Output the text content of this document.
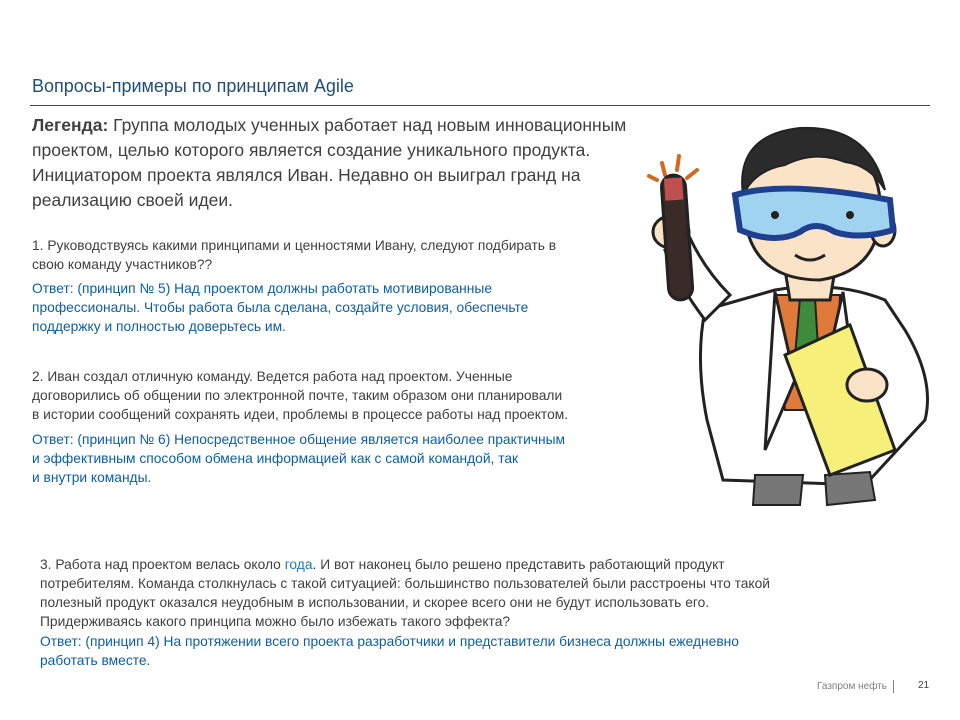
Вопросы-примеры по принципам Agile
Легенда: Группа молодых ученных работает над новым инновационным проектом, целью которого является создание уникального продукта. Инициатором проекта являлся Иван. Недавно он выиграл гранд на реализацию своей идеи.
1. Руководствуясь какими принципами и ценностями Ивану, следуют подбирать в
свою команду участников??
Ответ: (принцип № 5) Над проектом должны работать мотивированные
профессионалы. Чтобы работа была сделана, создайте условия, обеспечьте
поддержку и полностью доверьтесь им.
2. Иван создал отличную команду. Ведется работа над проектом. Ученные
договорились об общении по электронной почте, таким образом они планировали
в истории сообщений сохранять идеи, проблемы в процессе работы над проектом.
Ответ: (принцип № 6) Непосредственное общение является наиболее практичным
и эффективным способом обмена информацией как с самой командой, так
и внутри команды.
3. Работа над проектом велась около года. И вот наконец было решено представить работающий продукт
потребителям. Команда столкнулась с такой ситуацией: большинство пользователей были расстроены что такой
полезный продукт оказался неудобным в использовании, и скорее всего они не будут использовать его.
Придерживаясь какого принципа можно было избежать такого эффекта?
Ответ: (принцип 4) На протяжении всего проекта разработчики и представители бизнеса должны ежедневно
работать вместе.
Газпром нефть	21
